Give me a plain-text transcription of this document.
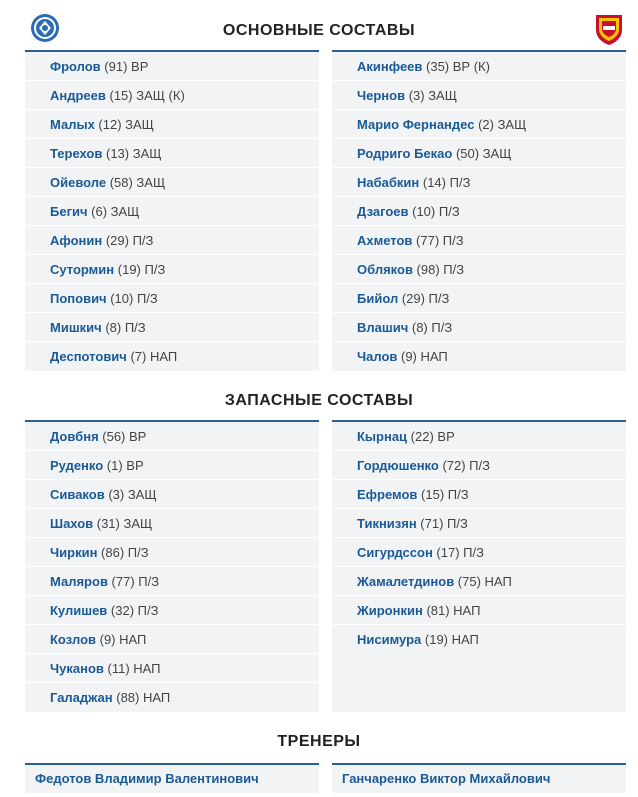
ОСНОВНЫЕ СОСТАВЫ
Фролов (91) ВР
Андреев (15) ЗАЩ (К)
Малых (12) ЗАЩ
Терехов (13) ЗАЩ
Ойеволе (58) ЗАЩ
Бегич (6) ЗАЩ
Афонин (29) П/З
Сутормин (19) П/З
Попович (10) П/З
Мишкич (8) П/З
Деспотович (7) НАП
Акинфеев (35) ВР (К)
Чернов (3) ЗАЩ
Марио Фернандес (2) ЗАЩ
Родриго Бекао (50) ЗАЩ
Набабкин (14) П/З
Дзагоев (10) П/З
Ахметов (77) П/З
Обляков (98) П/З
Бийол (29) П/З
Влашич (8) П/З
Чалов (9) НАП
ЗАПАСНЫЕ СОСТАВЫ
Довбня (56) ВР
Руденко (1) ВР
Сиваков (3) ЗАЩ
Шахов (31) ЗАЩ
Чиркин (86) П/З
Маляров (77) П/З
Кулишев (32) П/З
Козлов (9) НАП
Чуканов (11) НАП
Галаджан (88) НАП
Кырнац (22) ВР
Гордюшенко (72) П/З
Ефремов (15) П/З
Тикнизян (71) П/З
Сигурдссон (17) П/З
Жамалетдинов (75) НАП
Жиронкин (81) НАП
Нисимура (19) НАП
ТРЕНЕРЫ
Федотов Владимир Валентинович	Ганчаренко Виктор Михайлович
